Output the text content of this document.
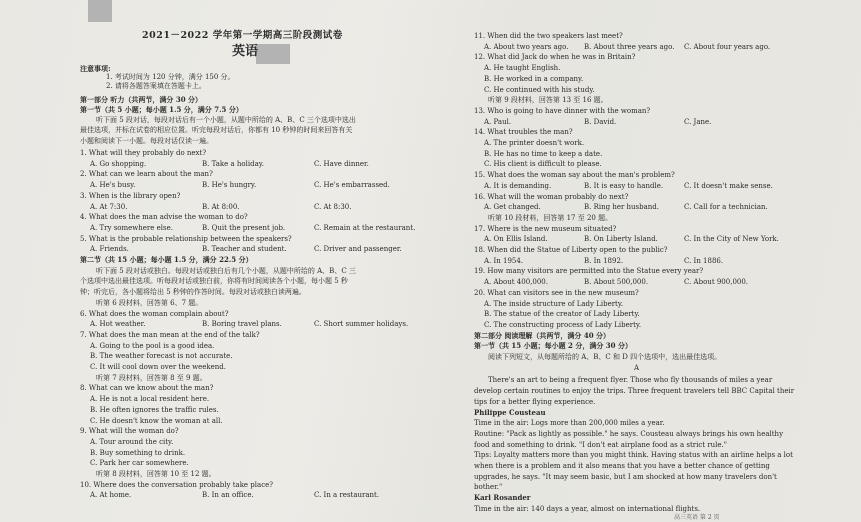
2021－2022 学年第一学期高三阶段测试卷
英语
注意事项:
1. 考试时间为 120 分钟，满分 150 分。
2. 请将各题答案填在答题卡上。
第一部分 听力（共两节，满分 30 分）
第一节（共 5 小题；每小题 1.5 分，满分 7.5 分）
听下面 5 段对话，每段对话后有一个小题，从题中所给的 A、B、C 三个选项中选出
最佳选项，并标在试卷的相应位置。听完每段对话后，你都有 10 秒钟的时间来回答有关
小题和阅读下一小题。每段对话仅读一遍。
1. What will they probably do next?
A. Go shopping.	B. Take a holiday.	C. Have dinner.
2. What can we learn about the man?
A. He's busy.	B. He's hungry.	C. He's embarrassed.
3. When is the library open?
A. At 7:30.	B. At 8:00.	C. At 8:30.
4. What does the man advise the woman to do?
A. Try somewhere else.	B. Quit the present job.	C. Remain at the restaurant.
5. What is the probable relationship between the speakers?
A. Friends.	B. Teacher and student.	C. Driver and passenger.
第二节（共 15 小题；每小题 1.5 分，满分 22.5 分）
听下面 5 段对话或独白。每段对话或独白后有几个小题，从题中所给的 A、B、C 三
个选项中选出最佳选项。听每段对话或独白前，你将有时间阅读各个小题，每小题 5 秒
钟；听完后，各小题将给出 5 秒钟的作答时间。每段对话或独白读两遍。
听第 6 段材料，回答第 6、7 题。
6. What does the woman complain about?
A. Hot weather.	B. Boring travel plans.	C. Short summer holidays.
7. What does the man mean at the end of the talk?
A. Going to the pool is a good idea.
B. The weather forecast is not accurate.
C. It will cool down over the weekend.
听第 7 段材料，回答第 8 至 9 题。
8. What can we know about the man?
A. He is not a local resident here.
B. He often ignores the traffic rules.
C. He doesn't know the woman at all.
9. What will the woman do?
A. Tour around the city.
B. Buy something to drink.
C. Park her car somewhere.
听第 8 段材料，回答第 10 至 12 题。
10. Where does the conversation probably take place?
A. At home.	B. In an office.	C. In a restaurant.
11. When did the two speakers last meet?
A. About two years ago. B. About three years ago. C. About four years ago.
12. What did Jack do when he was in Britain?
A. He taught English.
B. He worked in a company.
C. He continued with his study.
听第 9 段材料，回答第 13 至 16 题。
13. Who is going to have dinner with the woman?
A. Paul.	B. David.	C. Jane.
14. What troubles the man?
A. The printer doesn't work.
B. He has no time to keep a date.
C. His client is difficult to please.
15. What does the woman say about the man's problem?
A. It is demanding.	B. It is easy to handle.	C. It doesn't make sense.
16. What will the woman probably do next?
A. Get changed.	B. Ring her husband.	C. Call for a technician.
听第 10 段材料，回答第 17 至 20 题。
17. Where is the new museum situated?
A. On Ellis Island.	B. On Liberty Island.	C. In the City of New York.
18. When did the Statue of Liberty open to the public?
A. In 1954.	B. In 1892.	C. In 1886.
19. How many visitors are permitted into the Statue every year?
A. About 400,000.	B. About 500,000.	C. About 900,000.
20. What can visitors see in the new museum?
A. The inside structure of Lady Liberty.
B. The statue of the creator of Lady Liberty.
C. The constructing process of Lady Liberty.
第二部分 阅读理解（共两节，满分 40 分）
第一节（共 15 小题；每小题 2 分，满分 30 分）
阅读下列短文，从每题所给的 A、B、C 和 D 四个选项中，选出最佳选项。
A
There's an art to being a frequent flyer. Those who fly thousands of miles a year
develop certain routines to enjoy the trips. Three frequent travelers tell BBC Capital their
tips for a better flying experience.
Philippe Cousteau
Time in the air: Logs more than 200,000 miles a year.
Routine: "Pack as lightly as possible." he says. Cousteau always brings his own healthy
food and something to drink. "I don't eat airplane food as a strict rule."
Tips: Loyalty matters more than you might think. Having status with an airline helps a lot
when there is a problem and it also means that you have a better chance of getting
upgrades, he says. "It may seem basic, but I am shocked at how many travelers don't
bother."
Karl Rosander
Time in the air: 140 days a year, almost on international flights.
高三英语 第 2 页
